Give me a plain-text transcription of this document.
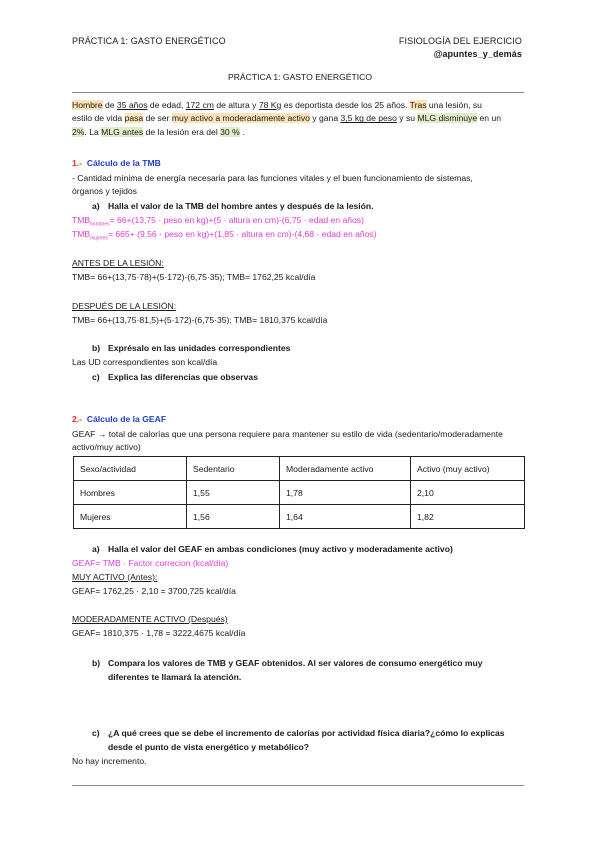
PRÁCTICA 1: GASTO ENERGÉTICO	FISIOLOGÍA DEL EJERCICIO
@apuntes_y_demás
PRÁCTICA 1: GASTO ENERGÉTICO
Hombre de 35 años de edad, 172 cm de altura y 78 Kg es deportista desde los 25 años. Tras una lesión, su
estilo de vida pasa de ser muy activo a moderadamente activo y gana 3,5 kg de peso y su MLG disminuye en un
2%. La MLG antes de la lesión era del 30 % .
1.- Cálculo de la TMB
- Cantidad mínima de energía necesaria para las funciones vitales y el buen funcionamiento de sistemas,
órganos y tejidos
a) Halla el valor de la TMB del hombre antes y después de la lesión.
$TMB_{hombres}= 66+(13,75$ · peso en kg)+(5 · altura en cm)-(6,75 · edad en años)
$TMB_{mujeres}= 665+ (9,56$ · peso en kg)+(1,85 · altura en cm)-(4,68 · edad en años)
ANTES DE LA LESIÓN:
TMB= 66+(13,75·78)+(5·172)-(6,75·35); TMB= 1762,25 kcal/día
DESPUÉS DE LA LESIÓN:
TMB= 66+(13,75·81,5)+(5·172)-(6,75·35); TMB= 1810,375 kcal/día
b) Exprésalo en las unidades correspondientes
Las UD correspondientes son kcal/día
c) Explica las diferencias que observas
2.- Cálculo de la GEAF
GEAF → total de calorías que una persona requiere para mantener su estilo de vida (sedentario/moderadamente
activo/muy activo)
Sexo/actividad	Sedentario	Moderadamente activo	Activo (muy activo)
Hombres	1,55	1,78	2,10
Mujeres	1,56	1,64	1,82
a) Halla el valor del GEAF en ambas condiciones (muy activo y moderadamente activo)
GEAF= TMB · Factor correcion (kcal/día)
MUY ACTIVO (Antes):
GEAF= 1762,25 · 2,10 = 3700,725 kcal/día
MODERADAMENTE ACTIVO (Después)
GEAF= 1810,375 · 1,78 = 3222,4675 kcal/día
b) Compara los valores de TMB y GEAF obtenidos. Al ser valores de consumo energético muy
diferentes te llamará la atención.
c) ¿A qué crees que se debe el incremento de calorías por actividad física diaria?¿cómo lo explicas
desde el punto de vista energético y metabólico?
No hay incremento.
